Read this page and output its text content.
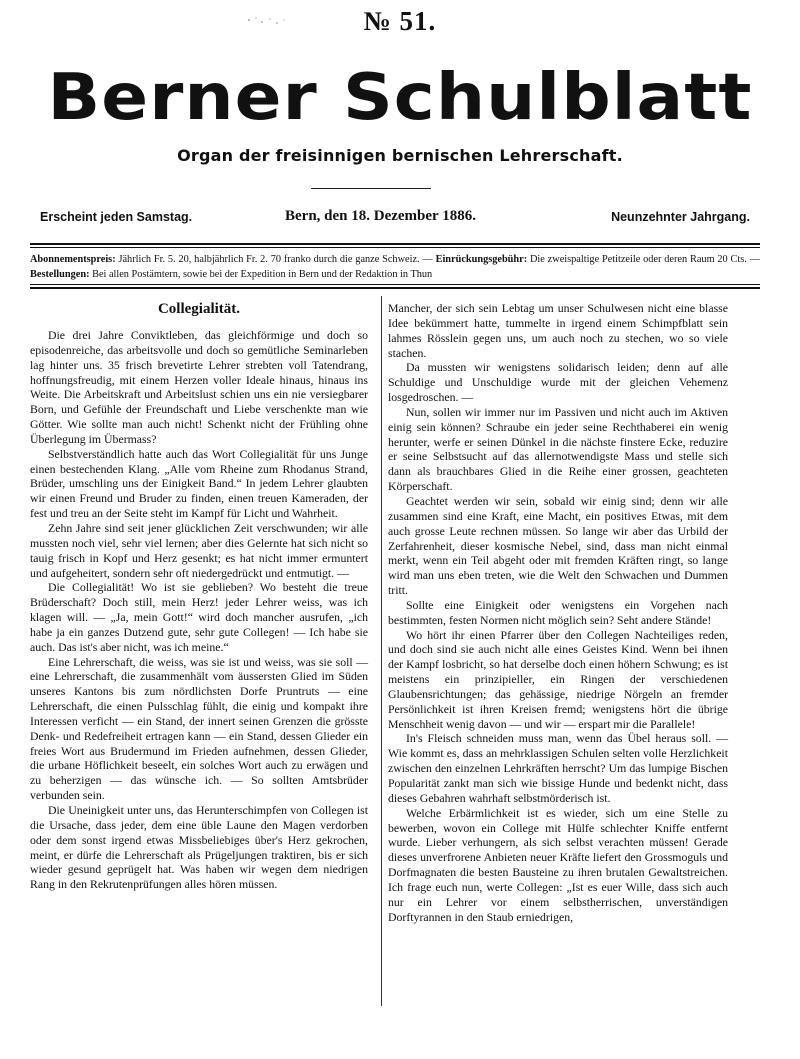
№ 51.
Berner Schulblatt
Organ der freisinnigen bernischen Lehrerschaft.
Erscheint jeden Samstag.	Bern, den 18. Dezember 1886.	Neunzehnter Jahrgang.
Abonnementspreis: Jährlich Fr. 5. 20, halbjährlich Fr. 2. 70 franko durch die ganze Schweiz. — Einrückungsgebühr: Die zweispaltige Petitzeile oder deren Raum 20 Cts. — Bestellungen: Bei allen Postämtern, sowie bei der Expedition in Bern und der Redaktion in Thun
Collegialität.

Die drei Jahre Conviktleben, das gleichförmige und doch so episodenreiche, das arbeitsvolle und doch so gemütliche Seminarleben lag hinter uns. 35 frisch brevetirte Lehrer strebten voll Tatendrang, hoffnungsfreudig, mit einem Herzen voller Ideale hinaus, hinaus ins Weite. Die Arbeitskraft und Arbeitslust schien uns ein nie versiegbarer Born, und Gefühle der Freundschaft und Liebe verschenkte man wie Götter. Wie sollte man auch nicht! Schenkt nicht der Frühling ohne Überlegung im Übermass?

Selbstverständlich hatte auch das Wort Collegialität für uns Junge einen bestechenden Klang. „Alle vom Rheine zum Rhodanus Strand, Brüder, umschling uns der Einigkeit Band.“ In jedem Lehrer glaubten wir einen Freund und Bruder zu finden, einen treuen Kameraden, der fest und treu an der Seite steht im Kampf für Licht und Wahrheit.

Zehn Jahre sind seit jener glücklichen Zeit verschwunden; wir alle mussten noch viel, sehr viel lernen; aber dies Gelernte hat sich nicht so tauig frisch in Kopf und Herz gesenkt; es hat nicht immer ermuntert und aufgeheitert, sondern sehr oft niedergedrückt und entmutigt. —

Die Collegialität! Wo ist sie geblieben? Wo besteht die treue Brüderschaft? Doch still, mein Herz! jeder Lehrer weiss, was ich klagen will. — „Ja, mein Gott!“ wird doch mancher ausrufen, „ich habe ja ein ganzes Dutzend gute, sehr gute Collegen! — Ich habe sie auch. Das ist's aber nicht, was ich meine.“

Eine Lehrerschaft, die weiss, was sie ist und weiss, was sie soll — eine Lehrerschaft, die zusammenhält vom äussersten Glied im Süden unseres Kantons bis zum nördlichsten Dorfe Pruntruts — eine Lehrerschaft, die einen Pulsschlag fühlt, die einig und kompakt ihre Interessen verficht — ein Stand, der innert seinen Grenzen die grösste Denk- und Redefreiheit ertragen kann — ein Stand, dessen Glieder ein freies Wort aus Brudermund im Frieden aufnehmen, dessen Glieder, die urbane Höflichkeit beseelt, ein solches Wort auch zu erwägen und zu beherzigen — das wünsche ich. — So sollten Amtsbrüder verbunden sein.

Die Uneinigkeit unter uns, das Herunterschimpfen von Collegen ist die Ursache, dass jeder, dem eine üble Laune den Magen verdorben oder dem sonst irgend etwas Missbeliebiges über's Herz gekrochen, meint, er dürfe die Lehrerschaft als Prügeljungen traktiren, bis er sich wieder gesund geprügelt hat. Was haben wir wegen dem niedrigen Rang in den Rekrutenprüfungen alles hören müssen.

Mancher, der sich sein Lebtag um unser Schulwesen nicht eine blasse Idee bekümmert hatte, tummelte in irgend einem Schimpfblatt sein lahmes Rösslein gegen uns, um auch noch zu stechen, wo so viele stachen.

Da mussten wir wenigstens solidarisch leiden; denn auf alle Schuldige und Unschuldige wurde mit der gleichen Vehemenz losgedroschen. —

Nun, sollen wir immer nur im Passiven und nicht auch im Aktiven einig sein können? Schraube ein jeder seine Rechthaberei ein wenig herunter, werfe er seinen Dünkel in die nächste finstere Ecke, reduzire er seine Selbstsucht auf das allernotwendigste Mass und stelle sich dann als brauchbares Glied in die Reihe einer grossen, geachteten Körperschaft.

Geachtet werden wir sein, sobald wir einig sind; denn wir alle zusammen sind eine Kraft, eine Macht, ein positives Etwas, mit dem auch grosse Leute rechnen müssen. So lange wir aber das Urbild der Zerfahrenheit, dieser kosmische Nebel, sind, dass man nicht einmal merkt, wenn ein Teil abgeht oder mit fremden Kräften ringt, so lange wird man uns eben treten, wie die Welt den Schwachen und Dummen tritt.

Sollte eine Einigkeit oder wenigstens ein Vorgehen nach bestimmten, festen Normen nicht möglich sein? Seht andere Stände!

Wo hört ihr einen Pfarrer über den Collegen Nachteiliges reden, und doch sind sie auch nicht alle eines Geistes Kind. Wenn bei ihnen der Kampf losbricht, so hat derselbe doch einen höhern Schwung; es ist meistens ein prinzipieller, ein Ringen der verschiedenen Glaubensrichtungen; das gehässige, niedrige Nörgeln an fremder Persönlichkeit ist ihren Kreisen fremd; wenigstens hört die übrige Menschheit wenig davon — und wir — erspart mir die Parallele!

In's Fleisch schneiden muss man, wenn das Übel heraus soll. — Wie kommt es, dass an mehrklassigen Schulen selten volle Herzlichkeit zwischen den einzelnen Lehrkräften herrscht? Um das lumpige Bischen Popularität zankt man sich wie bissige Hunde und bedenkt nicht, dass dieses Gebahren wahrhaft selbstmörderisch ist.

Welche Erbärmlichkeit ist es wieder, sich um eine Stelle zu bewerben, wovon ein College mit Hülfe schlechter Kniffe entfernt wurde. Lieber verhungern, als sich selbst verachten müssen! Gerade dieses unverfrorene Anbieten neuer Kräfte liefert den Grossmoguls und Dorfmagnaten die besten Bausteine zu ihren brutalen Gewaltstreichen. Ich frage euch nun, werte Collegen: „Ist es euer Wille, dass sich auch nur ein Lehrer vor einem selbstherrischen, unverständigen Dorftyrannen in den Staub erniedrigen,
